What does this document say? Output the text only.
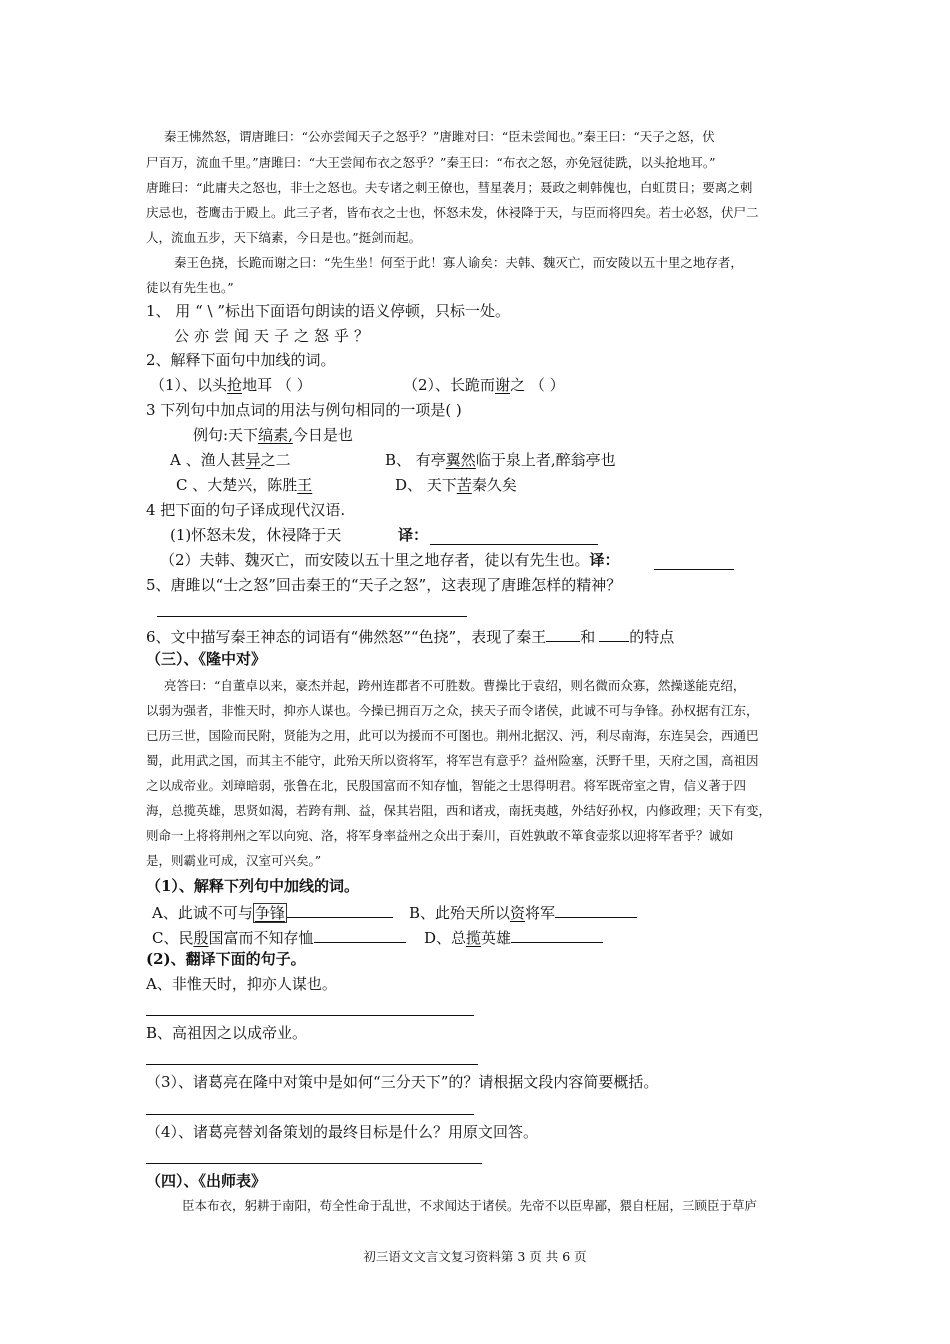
秦王怫然怒，谓唐雎曰：“公亦尝闻天子之怒乎？”唐雎对曰：“臣未尝闻也。”秦王曰：“天子之怒，伏
尸百万，流血千里。”唐雎曰：“大王尝闻布衣之怒乎？”秦王曰：“布衣之怒，亦免冠徒跣，以头抢地耳。”
唐雎曰：“此庸夫之怒也，非士之怒也。夫专诸之刺王僚也，彗星袭月；聂政之刺韩傀也，白虹贯日；要离之刺
庆忌也，苍鹰击于殿上。此三子者，皆布衣之士也，怀怒未发，休祲降于天，与臣而将四矣。若士必怒，伏尸二
人，流血五步，天下缟素，今日是也。”挺剑而起。
秦王色挠，长跪而谢之曰：“先生坐！何至于此！寡人谕矣：夫韩、魏灭亡，而安陵以五十里之地存者，
徒以有先生也。”
1、 用 “ \ ”标出下面语句朗读的语义停顿，只标一处。
公亦尝闻天子之怒乎？
2、解释下面句中加线的词。
（1）、以头抢地耳 （ ）	（2）、长跪而谢之 （ ）
3 下列句中加点词的用法与例句相同的一项是( )
例句:天下缟素,今日是也
A 、渔人甚异之二	B、 有亭翼然临于泉上者,醉翁亭也
C 、大楚兴，陈胜王	D、 天下苦秦久矣
4 把下面的句子译成现代汉语.
(1)怀怒未发，休祲降于天	译：
（2）夫韩、魏灭亡，而安陵以五十里之地存者，徒以有先生也。译：
5、唐雎以“士之怒”回击秦王的“天子之怒”，这表现了唐雎怎样的精神？
6、文中描写秦王神态的词语有“佛然怒”“色挠”，表现了秦王 和 的特点
（三）、《隆中对》
亮答曰：“自董卓以来，豪杰并起，跨州连郡者不可胜数。曹操比于袁绍，则名微而众寡，然操遂能克绍，
以弱为强者，非惟天时，抑亦人谋也。今操已拥百万之众，挟天子而令诸侯，此诚不可与争锋。孙权据有江东，
已历三世，国险而民附，贤能为之用，此可以为援而不可图也。荆州北据汉、沔，利尽南海，东连吴会，西通巴
蜀，此用武之国，而其主不能守，此殆天所以资将军，将军岂有意乎？益州险塞，沃野千里，天府之国，高祖因
之以成帝业。刘璋暗弱，张鲁在北，民殷国富而不知存恤，智能之士思得明君。将军既帝室之胄，信义著于四
海，总揽英雄，思贤如渴，若跨有荆、益，保其岩阻，西和诸戎，南抚夷越，外结好孙权，内修政理；天下有变，
则命一上将将荆州之军以向宛、洛，将军身率益州之众出于秦川，百姓孰敢不箪食壶浆以迎将军者乎？诚如
是，则霸业可成，汉室可兴矣。”
（1）、解释下列句中加线的词。
A、此诚不可与 争锋	B、此殆天所以资将军
C、民殷国富而不知存恤	D、总揽英雄
(2)、翻译下面的句子。
A、非惟天时，抑亦人谋也。
B、高祖因之以成帝业。
（3）、诸葛亮在隆中对策中是如何“三分天下”的？请根据文段内容简要概括。
（4）、诸葛亮替刘备策划的最终目标是什么？用原文回答。
（四）、《出师表》
臣本布衣，躬耕于南阳，苟全性命于乱世，不求闻达于诸侯。先帝不以臣卑鄙，猥自枉屈，三顾臣于草庐
初三语文文言文复习资料第 3 页 共 6 页
